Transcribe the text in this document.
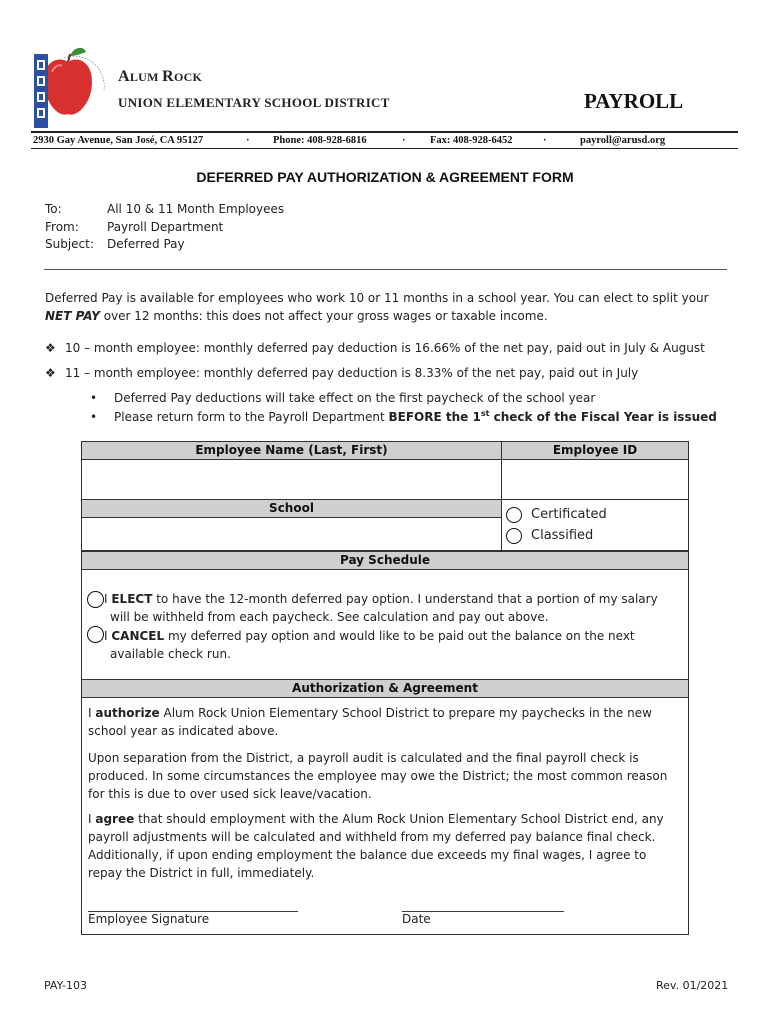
ALUM ROCK
UNION ELEMENTARY SCHOOL DISTRICT	PAYROLL
2930 Gay Avenue, San José, CA 95127	· Phone: 408-928-6816	· Fax: 408-928-6452	·	payroll@arusd.org
DEFERRED PAY AUTHORIZATION & AGREEMENT FORM
To:	All 10 & 11 Month Employees
From:	Payroll Department
Subject:	Deferred Pay
Deferred Pay is available for employees who work 10 or 11 months in a school year. You can elect to split your NET PAY over 12 months: this does not affect your gross wages or taxable income.
❖ 10 – month employee: monthly deferred pay deduction is 16.66% of the net pay, paid out in July & August
❖ 11 – month employee: monthly deferred pay deduction is 8.33% of the net pay, paid out in July
• Deferred Pay deductions will take effect on the first paycheck of the school year
• Please return form to the Payroll Department BEFORE the 1st check of the Fiscal Year is issued
Employee Name (Last, First)	Employee ID
School	Certificated
Classified
Pay Schedule
I ELECT to have the 12-month deferred pay option. I understand that a portion of my salary
will be withheld from each paycheck. See calculation and pay out above.
I CANCEL my deferred pay option and would like to be paid out the balance on the next
available check run.
Authorization & Agreement
I authorize Alum Rock Union Elementary School District to prepare my paychecks in the new school year as indicated above.
Upon separation from the District, a payroll audit is calculated and the final payroll check is produced. In some circumstances the employee may owe the District; the most common reason for this is due to over used sick leave/vacation.
I agree that should employment with the Alum Rock Union Elementary School District end, any payroll adjustments will be calculated and withheld from my deferred pay balance final check. Additionally, if upon ending employment the balance due exceeds my final wages, I agree to repay the District in full, immediately.
___________________________________
Employee Signature
___________________________
Date
PAY-103	Rev. 01/2021
